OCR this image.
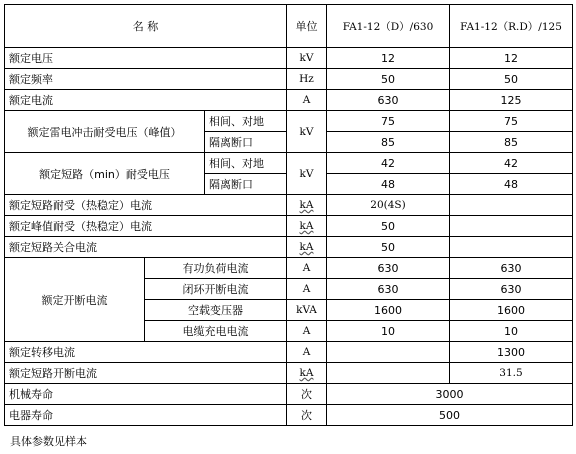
名 称			单位	FA1-12（D）/630	FA1-12（R.D）/125
额定电压			kV	12	12
额定频率			Hz	50	50
额定电流			A	630	125
额定雷电冲击耐受电压（峰值）		相间、对地	kV	75	75
		隔离断口		85	85
额定短路（min）耐受电压		相间、对地	kV	42	42
		隔离断口		48	48
额定短路耐受（热稳定）电流			kA	20(4S)	
额定峰值耐受（热稳定）电流			kA	50	
额定短路关合电流			kA	50	
额定开断电流	有功负荷电流		A	630	630
	闭环开断电流		A	630	630
	空载变压器		kVA	1600	1600
	电缆充电电流		A	10	10
额定转移电流			A		1300
额定短路开断电流			kA		31.5
机械寿命			次	3000	
电器寿命			次	500	
具体参数见样本
